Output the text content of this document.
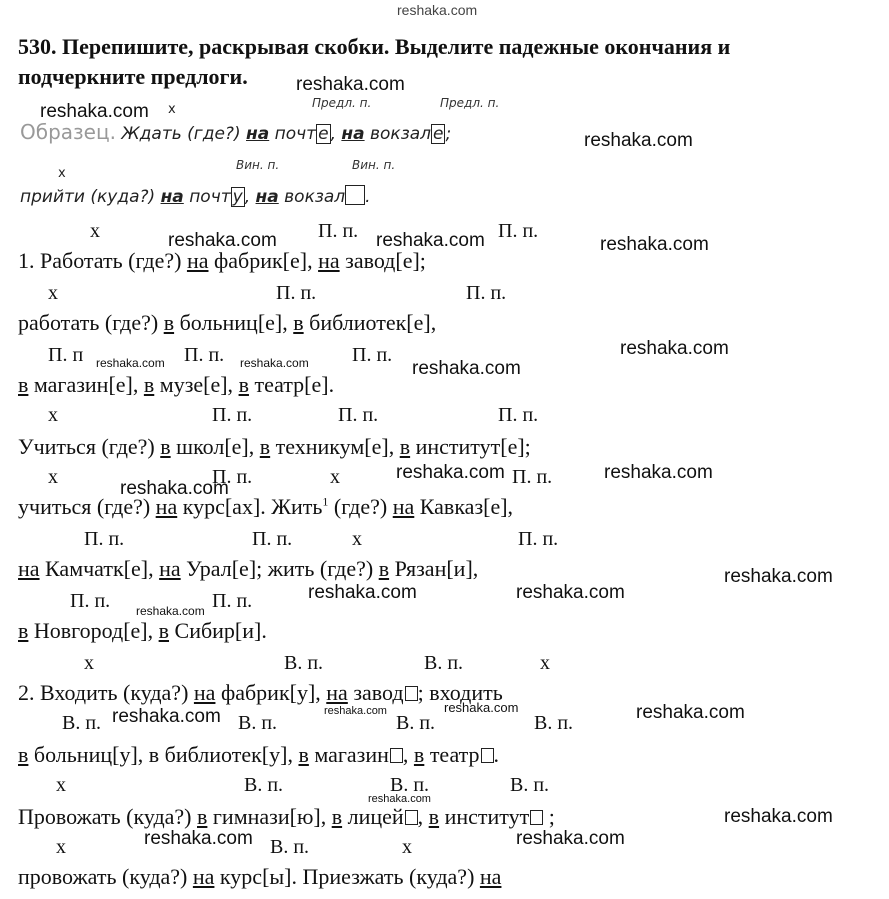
reshaka.com
530. Перепишите, раскрывая скобки. Выделите падежные окончания и
подчеркните предлоги.
Предл. п.	Предл. п.
x
Образец. Ждать (где?) на почт е , на вокзал е ;
x
Вин. п.	Вин. п.
прийти (куда?) на почт у , на вокзал .
x	П. п.	П. п.
1. Работать (где?) на фабрик[е], на завод[е];
x	П. п.	П. п.
работать (где?) в больниц[е], в библиотек[е],
П. п	П. п.	П. п.
в магазин[е], в музе[е], в театр[е].
x	П. п.	П. п.	П. п.
Учиться (где?) в школ[е], в техникум[е], в институт[е];
x	П. п.	x	П. п.
учиться (где?) на курс[ах]. Жить$^1$ (где?) на Кавказ[е],
П. п.	П. п.	x	П. п.
на Камчатк[е], на Урал[е]; жить (где?) в Рязан[и],
П. п.	П. п.
в Новгород[е], в Сибир[и].
x	В. п.	В. п.	x
2. Входить (куда?) на фабрик[у], на завод ; входить
В. п.	В. п.	В. п.	В. п.
в больниц[у], в библиотек[у], в магазин , в театр .
x	В. п.	В. п.	В. п.
Провожать (куда?) в гимнази[ю], в лицей , в институт ;
x	В. п.	x
провожать (куда?) на курс[ы]. Приезжать (куда?) на
reshaka.com
reshaka.com
reshaka.com
reshaka.com	reshaka.com	reshaka.com
reshaka.com
reshaka.com	reshaka.com	reshaka.com
reshaka.com	reshaka.com
reshaka.com
reshaka.com
reshaka.com	reshaka.com
reshaka.com
reshaka.com	reshaka.com	reshaka.com	reshaka.com
reshaka.com
reshaka.com
reshaka.com	reshaka.com
